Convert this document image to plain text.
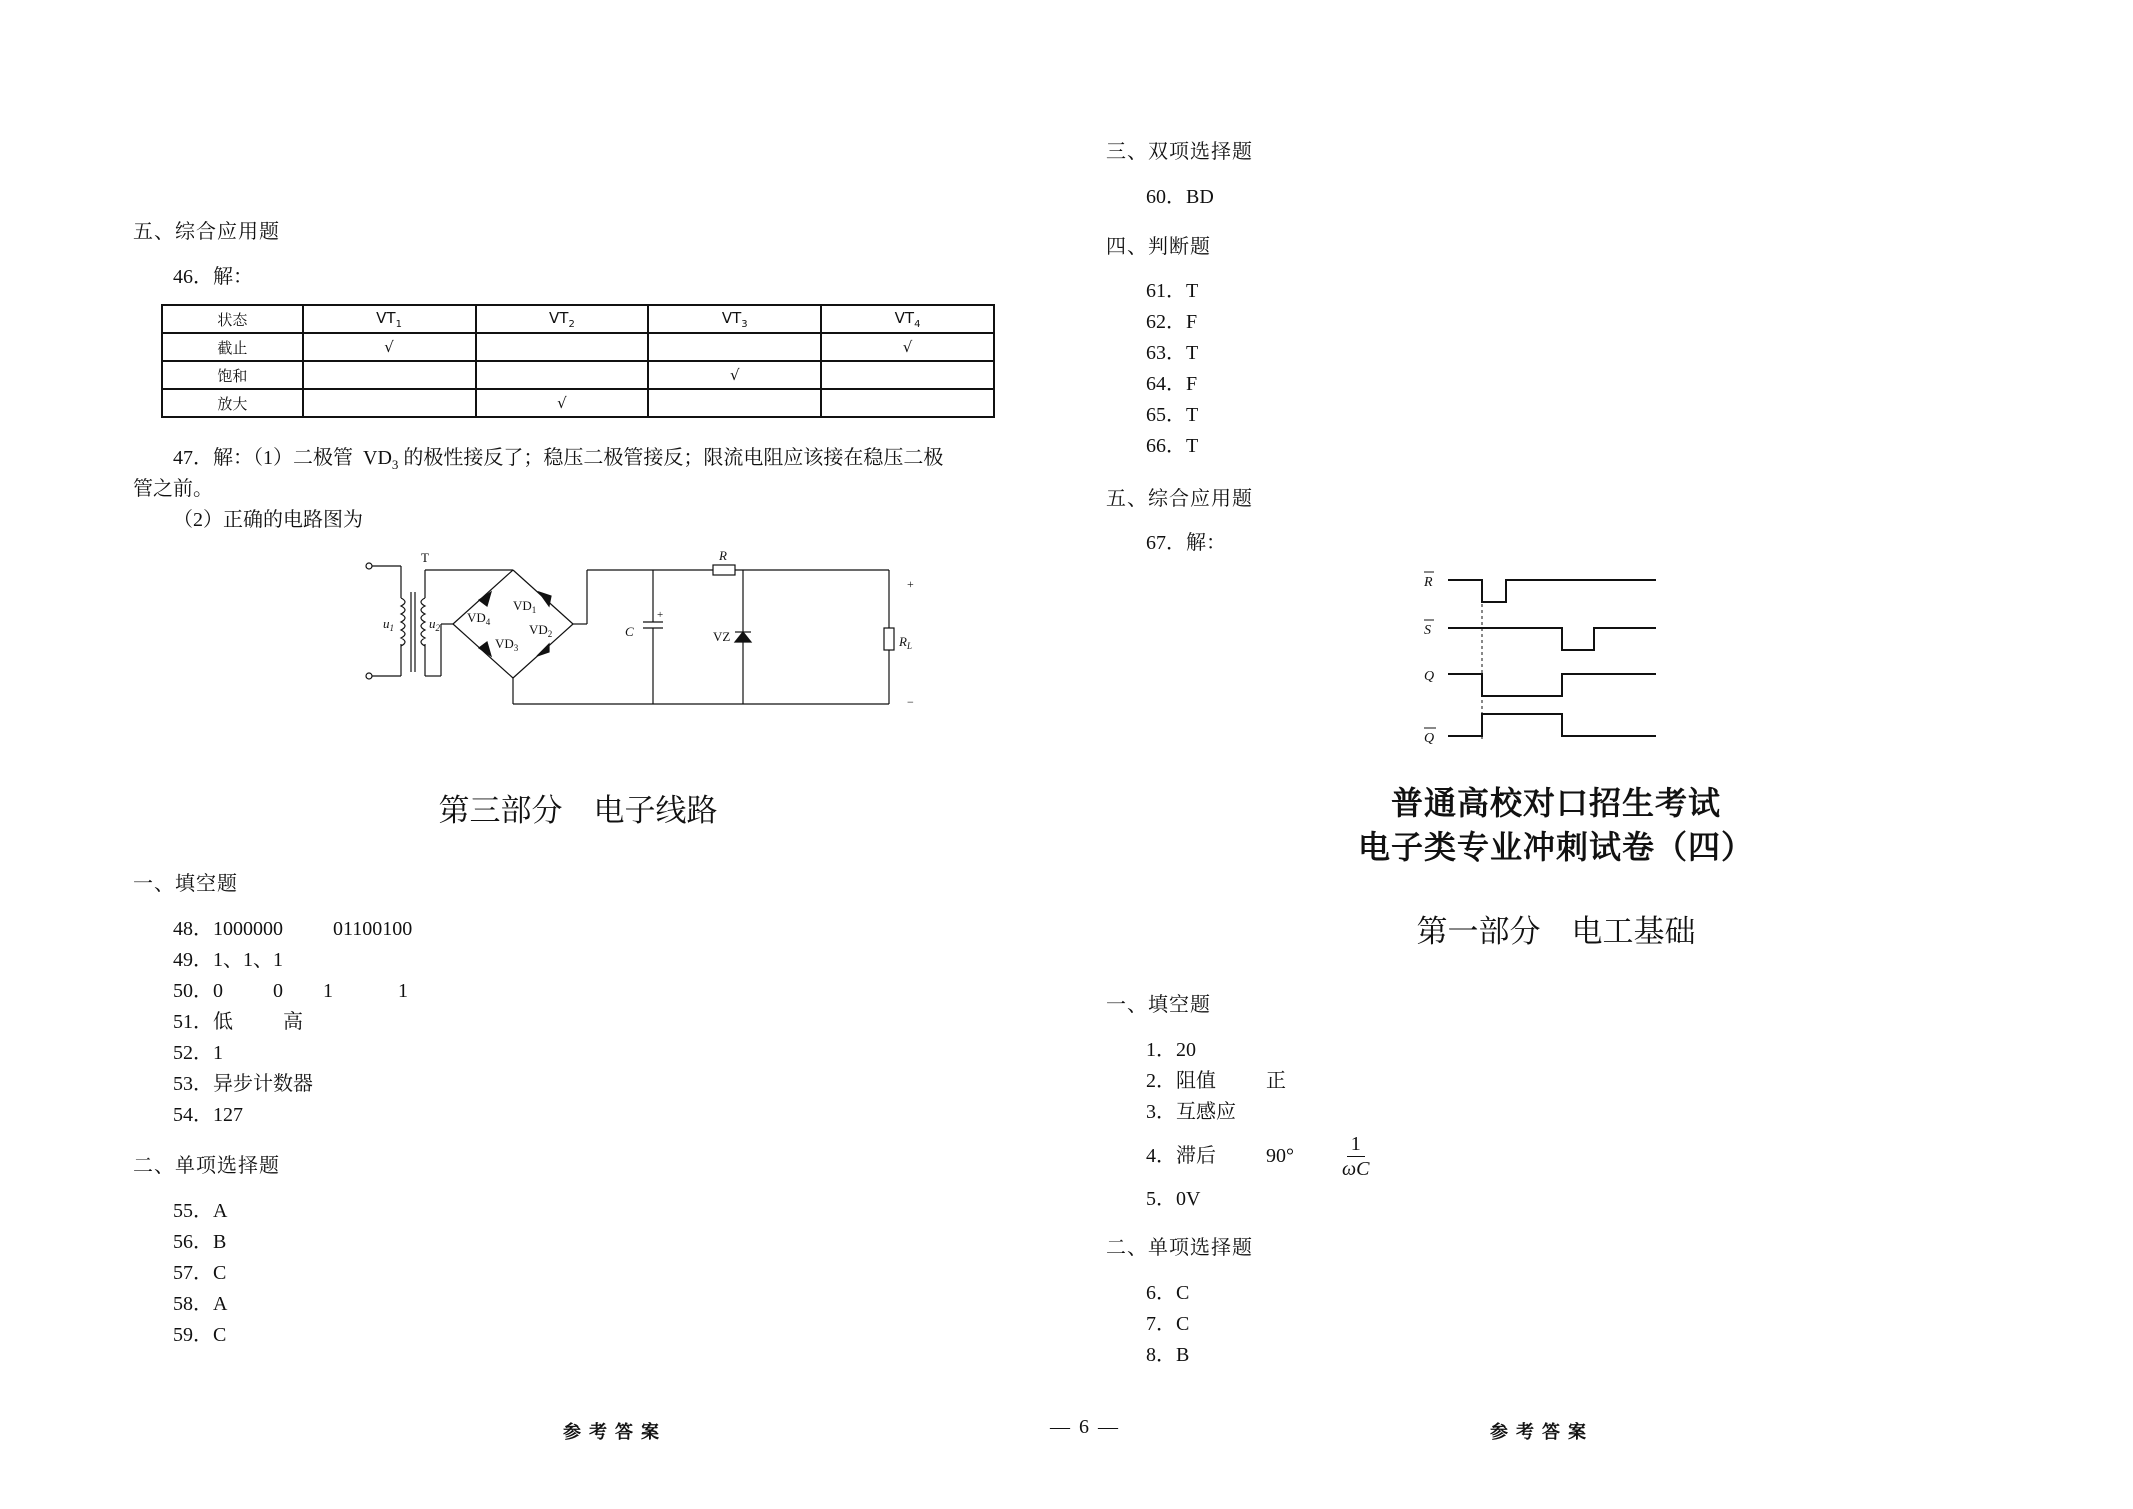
五、综合应用题
46．解：
状态	$VT_1$	$VT_2$	$VT_3$	$VT_4$
截止	√			√
饱和			√	
放大		√		
47．解：（1）二极管  $VD_3$ 的极性接反了；稳压二极管接反；限流电阻应该接在稳压二极
管之前。
（2）正确的电路图为
T
$u_1$	$u_2$
$VD_1$
$VD_2$
$VD_3$
$VD_4$
C
+
R
VZ	$R_L$
+
−
第三部分　电子线路
一、填空题
48．1000000          01100100
49．1、1、1
50．0          0        1             1
51．低          高
52．1
53．异步计数器
54．127
二、单项选择题
55．A
56．B
57．C
58．A
59．C
三、双项选择题
60．BD
四、判断题
61．T
62．F
63．T
64．F
65．T
66．T
五、综合应用题
67．解：
R
S
Q
Q
普通高校对口招生考试
电子类专业冲刺试卷（四）
第一部分　电工基础
一、填空题
1．20
2．阻值          正
3．互感应
4．滞后          90°
1
ωC
5．0V
二、单项选择题
6．C
7．C
8．B
参考答案	— 6 —	参考答案
